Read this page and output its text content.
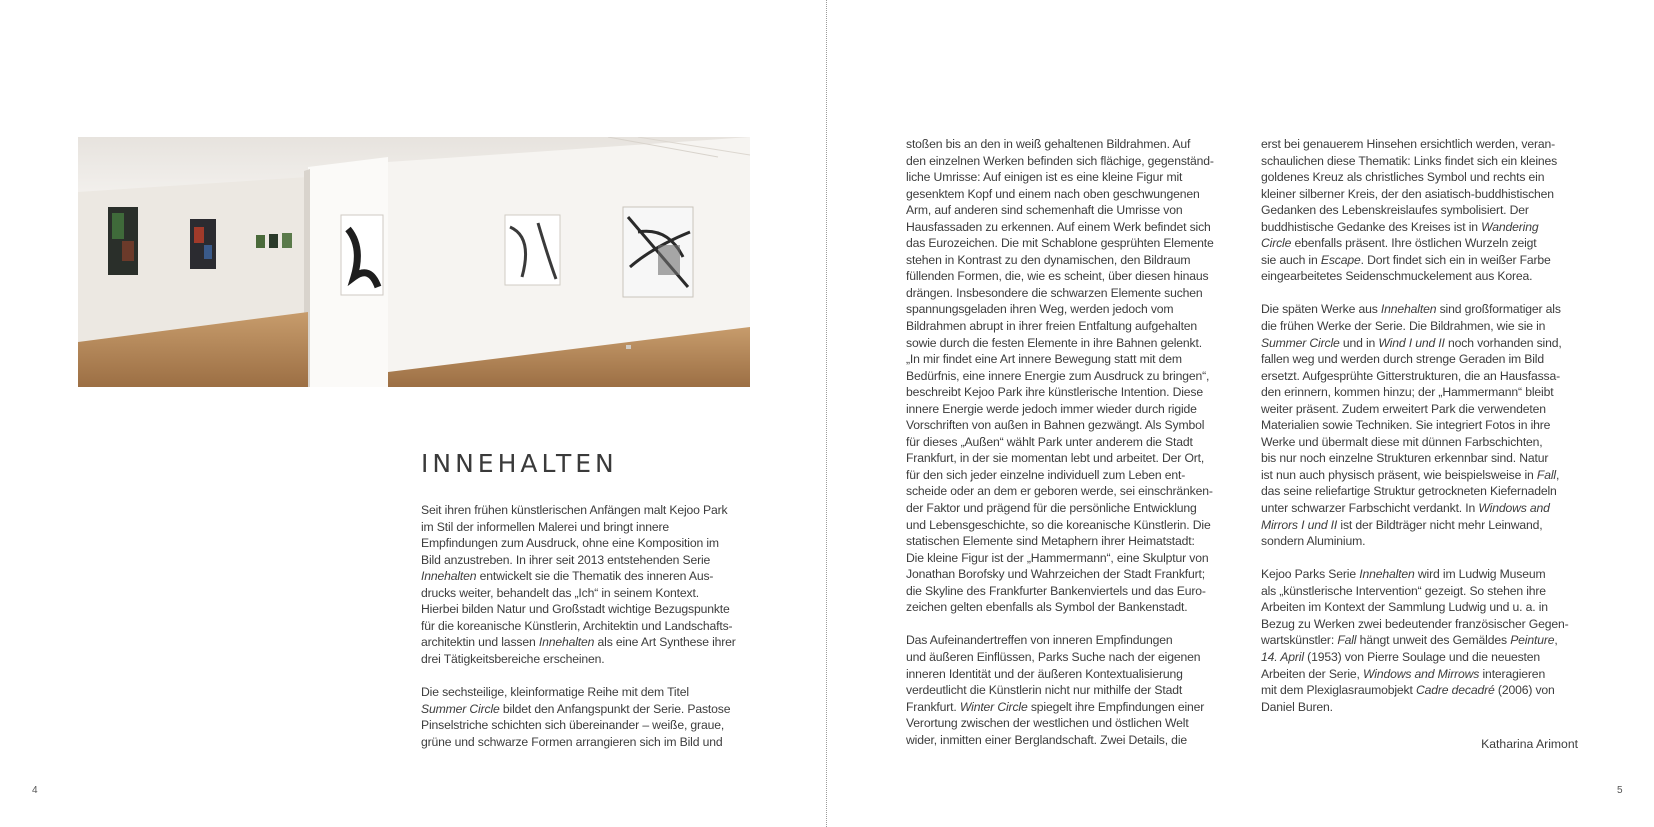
INNEHALTEN

Seit ihren frühen künstlerischen Anfängen malt Kejoo Park
im Stil der informellen Malerei und bringt innere
Empfindungen zum Ausdruck, ohne eine Komposition im
Bild anzustreben. In ihrer seit 2013 entstehenden Serie
Innehalten entwickelt sie die Thematik des inneren Aus-
drucks weiter, behandelt das „Ich“ in seinem Kontext.
Hierbei bilden Natur und Großstadt wichtige Bezugspunkte
für die koreanische Künstlerin, Architektin und Landschafts-
architektin und lassen Innehalten als eine Art Synthese ihrer
drei Tätigkeitsbereiche erscheinen.

Die sechsteilige, kleinformatige Reihe mit dem Titel
Summer Circle bildet den Anfangspunkt der Serie. Pastose
Pinselstriche schichten sich übereinander – weiße, graue,
grüne und schwarze Formen arrangieren sich im Bild und

stoßen bis an den in weiß gehaltenen Bildrahmen. Auf
den einzelnen Werken befinden sich flächige, gegenständ-
liche Umrisse: Auf einigen ist es eine kleine Figur mit
gesenktem Kopf und einem nach oben geschwungenen
Arm, auf anderen sind schemenhaft die Umrisse von
Hausfassaden zu erkennen. Auf einem Werk befindet sich
das Eurozeichen. Die mit Schablone gesprühten Elemente
stehen in Kontrast zu den dynamischen, den Bildraum
füllenden Formen, die, wie es scheint, über diesen hinaus
drängen. Insbesondere die schwarzen Elemente suchen
spannungsgeladen ihren Weg, werden jedoch vom
Bildrahmen abrupt in ihrer freien Entfaltung aufgehalten
sowie durch die festen Elemente in ihre Bahnen gelenkt.
„In mir findet eine Art innere Bewegung statt mit dem
Bedürfnis, eine innere Energie zum Ausdruck zu bringen“,
beschreibt Kejoo Park ihre künstlerische Intention. Diese
innere Energie werde jedoch immer wieder durch rigide
Vorschriften von außen in Bahnen gezwängt. Als Symbol
für dieses „Außen“ wählt Park unter anderem die Stadt
Frankfurt, in der sie momentan lebt und arbeitet. Der Ort,
für den sich jeder einzelne individuell zum Leben ent-
scheide oder an dem er geboren werde, sei einschränken-
der Faktor und prägend für die persönliche Entwicklung
und Lebensgeschichte, so die koreanische Künstlerin. Die
statischen Elemente sind Metaphern ihrer Heimatstadt:
Die kleine Figur ist der „Hammermann“, eine Skulptur von
Jonathan Borofsky und Wahrzeichen der Stadt Frankfurt;
die Skyline des Frankfurter Bankenviertels und das Euro-
zeichen gelten ebenfalls als Symbol der Bankenstadt.

Das Aufeinandertreffen von inneren Empfindungen
und äußeren Einflüssen, Parks Suche nach der eigenen
inneren Identität und der äußeren Kontextualisierung
verdeutlicht die Künstlerin nicht nur mithilfe der Stadt
Frankfurt. Winter Circle spiegelt ihre Empfindungen einer
Verortung zwischen der westlichen und östlichen Welt
wider, inmitten einer Berglandschaft. Zwei Details, die

erst bei genauerem Hinsehen ersichtlich werden, veran-
schaulichen diese Thematik: Links findet sich ein kleines
goldenes Kreuz als christliches Symbol und rechts ein
kleiner silberner Kreis, der den asiatisch-buddhistischen
Gedanken des Lebenskreislaufes symbolisiert. Der
buddhistische Gedanke des Kreises ist in Wandering
Circle ebenfalls präsent. Ihre östlichen Wurzeln zeigt
sie auch in Escape. Dort findet sich ein in weißer Farbe
eingearbeitetes Seidenschmuckelement aus Korea.

Die späten Werke aus Innehalten sind großformatiger als
die frühen Werke der Serie. Die Bildrahmen, wie sie in
Summer Circle und in Wind I und II noch vorhanden sind,
fallen weg und werden durch strenge Geraden im Bild
ersetzt. Aufgesprühte Gitterstrukturen, die an Hausfassa-
den erinnern, kommen hinzu; der „Hammermann“ bleibt
weiter präsent. Zudem erweitert Park die verwendeten
Materialien sowie Techniken. Sie integriert Fotos in ihre
Werke und übermalt diese mit dünnen Farbschichten,
bis nur noch einzelne Strukturen erkennbar sind. Natur
ist nun auch physisch präsent, wie beispielsweise in Fall,
das seine reliefartige Struktur getrockneten Kiefernadeln
unter schwarzer Farbschicht verdankt. In Windows and
Mirrors I und II ist der Bildträger nicht mehr Leinwand,
sondern Aluminium.

Kejoo Parks Serie Innehalten wird im Ludwig Museum
als „künstlerische Intervention“ gezeigt. So stehen ihre
Arbeiten im Kontext der Sammlung Ludwig und u. a. in
Bezug zu Werken zwei bedeutender französischer Gegen-
wartskünstler: Fall hängt unweit des Gemäldes Peinture,
14. April (1953) von Pierre Soulage und die neuesten
Arbeiten der Serie, Windows and Mirrows interagieren
mit dem Plexiglasraumobjekt Cadre decadré (2006) von
Daniel Buren.

Katharina Arimont
4	5
